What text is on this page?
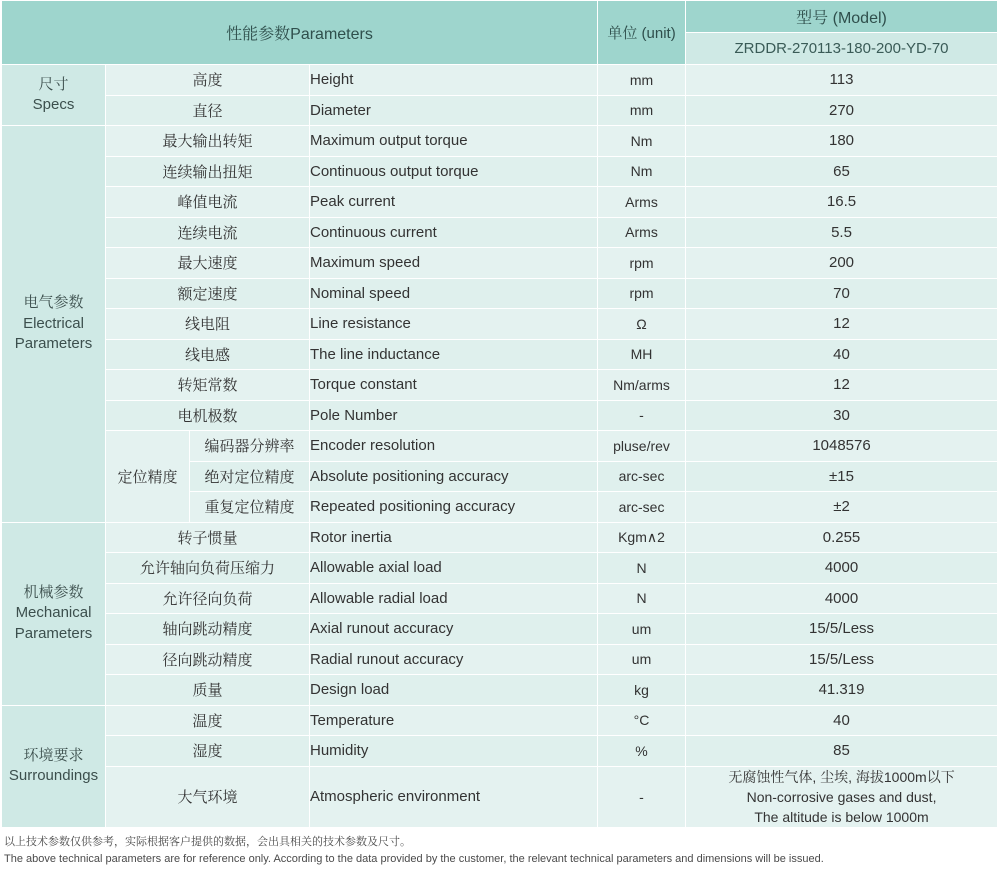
性能参数Parameters				单位 (unit)	型号 (Model)
					ZRDDR-270113-180-200-YD-70

尺寸
Specs	高度		Height	mm	113
	直径		Diameter	mm	270

电气参数
Electrical
Parameters	最大输出转矩		Maximum output torque	Nm	180
	连续输出扭矩		Continuous output torque	Nm	65
	峰值电流		Peak current	Arms	16.5
	连续电流		Continuous current	Arms	5.5
	最大速度		Maximum speed	rpm	200
	额定速度		Nominal speed	rpm	70
	线电阻		Line resistance	Ω	12
	线电感		The line inductance	MH	40
	转矩常数		Torque constant	Nm/arms	12
	电机极数		Pole Number	-	30
	定位精度	编码器分辨率	Encoder resolution	pluse/rev	1048576
		绝对定位精度	Absolute positioning accuracy	arc-sec	±15
		重复定位精度	Repeated positioning accuracy	arc-sec	±2

机械参数
Mechanical
Parameters	转子惯量		Rotor inertia	Kgm∧2	0.255
	允许轴向负荷压缩力		Allowable axial load	N	4000
	允许径向负荷		Allowable radial load	N	4000
	轴向跳动精度		Axial runout accuracy	um	15/5/Less
	径向跳动精度		Radial runout accuracy	um	15/5/Less
	质量		Design load	kg	41.319

环境要求
Surroundings	温度		Temperature	°C	40
	湿度		Humidity	%	85
	大气环境		Atmospheric environment	-	无腐蚀性气体, 尘埃, 海拔1000m以下
Non-corrosive gases and dust,
The altitude is below 1000m
以上技术参数仅供参考，实际根据客户提供的数据，会出具相关的技术参数及尺寸。
The above technical parameters are for reference only. According to the data provided by the customer, the relevant technical parameters and dimensions will be issued.
